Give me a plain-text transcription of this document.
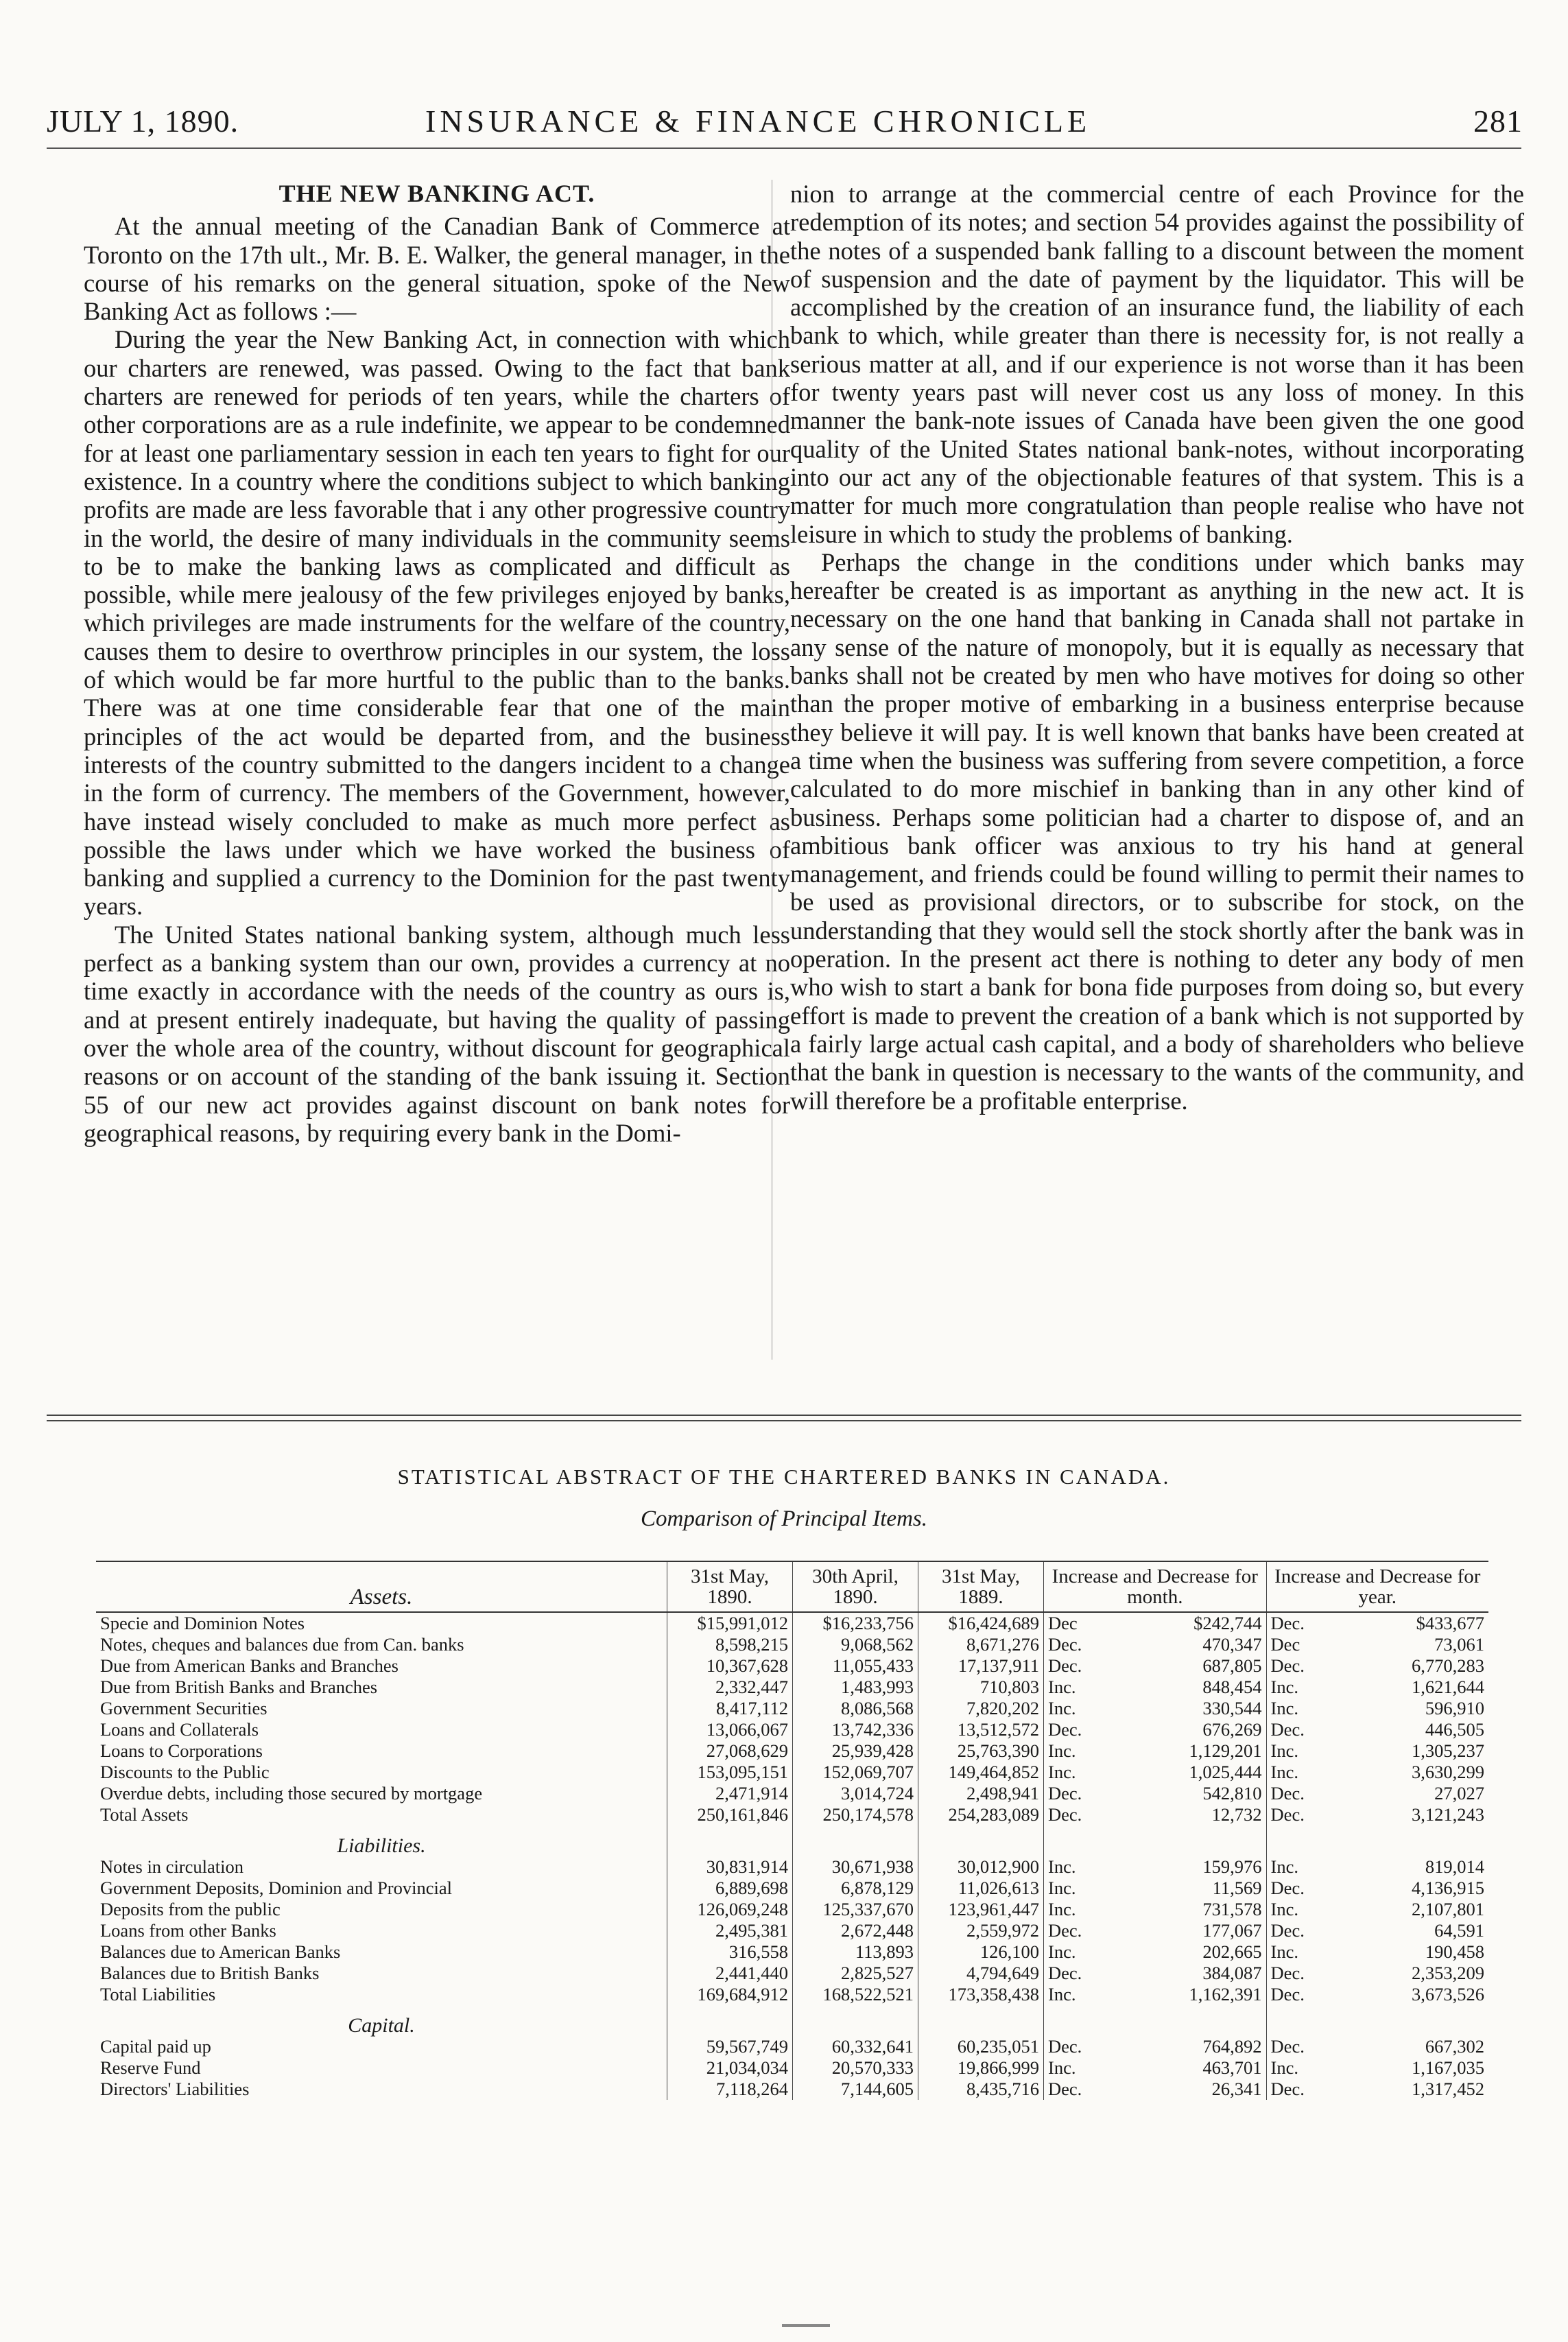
JULY 1, 1890.	INSURANCE & FINANCE CHRONICLE	281
THE NEW BANKING ACT.

At the annual meeting of the Canadian Bank of Commerce at Toronto on the 17th ult., Mr. B. E. Walker, the general manager, in the course of his remarks on the general situation, spoke of the New Banking Act as follows :—

During the year the New Banking Act, in connection with which our charters are renewed, was passed. Owing to the fact that bank charters are renewed for periods of ten years, while the charters of other corporations are as a rule indefinite, we appear to be condemned for at least one parliamentary session in each ten years to fight for our existence. In a country where the conditions subject to which banking profits are made are less favorable that i any other progressive country in the world, the desire of many individuals in the community seems to be to make the banking laws as complicated and difficult as possible, while mere jealousy of the few privileges enjoyed by banks, which privileges are made instruments for the welfare of the country, causes them to desire to overthrow principles in our system, the loss of which would be far more hurtful to the public than to the banks. There was at one time considerable fear that one of the main principles of the act would be departed from, and the business interests of the country submitted to the dangers incident to a change in the form of currency. The members of the Government, however, have instead wisely concluded to make as much more perfect as possible the laws under which we have worked the business of banking and supplied a currency to the Dominion for the past twenty years.

The United States national banking system, although much less perfect as a banking system than our own, provides a currency at no time exactly in accordance with the needs of the country as ours is, and at present entirely inadequate, but having the quality of passing over the whole area of the country, without discount for geographical reasons or on account of the standing of the bank issuing it. Section 55 of our new act provides against discount on bank notes for geographical reasons, by requiring every bank in the Domi-

nion to arrange at the commercial centre of each Province for the redemption of its notes; and section 54 provides against the possibility of the notes of a suspended bank falling to a discount between the moment of suspension and the date of payment by the liquidator. This will be accomplished by the creation of an insurance fund, the liability of each bank to which, while greater than there is necessity for, is not really a serious matter at all, and if our experience is not worse than it has been for twenty years past will never cost us any loss of money. In this manner the bank-note issues of Canada have been given the one good quality of the United States national bank-notes, without incorporating into our act any of the objectionable features of that system. This is a matter for much more congratulation than people realise who have not leisure in which to study the problems of banking.

Perhaps the change in the conditions under which banks may hereafter be created is as important as anything in the new act. It is necessary on the one hand that banking in Canada shall not partake in any sense of the nature of monopoly, but it is equally as necessary that banks shall not be created by men who have motives for doing so other than the proper motive of embarking in a business enterprise because they believe it will pay. It is well known that banks have been created at a time when the business was suffering from severe competition, a force calculated to do more mischief in banking than in any other kind of business. Perhaps some politician had a charter to dispose of, and an ambitious bank officer was anxious to try his hand at general management, and friends could be found willing to permit their names to be used as provisional directors, or to subscribe for stock, on the understanding that they would sell the stock shortly after the bank was in operation. In the present act there is nothing to deter any body of men who wish to start a bank for bona fide purposes from doing so, but every effort is made to prevent the creation of a bank which is not supported by a fairly large actual cash capital, and a body of shareholders who believe that the bank in question is necessary to the wants of the community, and will therefore be a profitable enterprise.

STATISTICAL ABSTRACT OF THE CHARTERED BANKS IN CANADA.
Comparison of Principal Items.
Assets.	31st May, 1890.	30th April, 1890.	31st May, 1889.	Increase and Decrease for month.		Increase and Decrease for year.	
Specie and Dominion Notes	$15,991,012	$16,233,756	$16,424,689	Dec	$242,744	Dec.	$433,677
Notes, cheques and balances due from Can. banks	8,598,215	9,068,562	8,671,276	Dec.	470,347	Dec	73,061
Due from American Banks and Branches	10,367,628	11,055,433	17,137,911	Dec.	687,805	Dec.	6,770,283
Due from British Banks and Branches	2,332,447	1,483,993	710,803	Inc.	848,454	Inc.	1,621,644
Government Securities	8,417,112	8,086,568	7,820,202	Inc.	330,544	Inc.	596,910
Loans and Collaterals	13,066,067	13,742,336	13,512,572	Dec.	676,269	Dec.	446,505
Loans to Corporations	27,068,629	25,939,428	25,763,390	Inc.	1,129,201	Inc.	1,305,237
Discounts to the Public	153,095,151	152,069,707	149,464,852	Inc.	1,025,444	Inc.	3,630,299
Overdue debts, including those secured by mortgage	2,471,914	3,014,724	2,498,941	Dec.	542,810	Dec.	27,027
Total Assets	250,161,846	250,174,578	254,283,089	Dec.	12,732	Dec.	3,121,243
Liabilities.							
Notes in circulation	30,831,914	30,671,938	30,012,900	Inc.	159,976	Inc.	819,014
Government Deposits, Dominion and Provincial	6,889,698	6,878,129	11,026,613	Inc.	11,569	Dec.	4,136,915
Deposits from the public	126,069,248	125,337,670	123,961,447	Inc.	731,578	Inc.	2,107,801
Loans from other Banks	2,495,381	2,672,448	2,559,972	Dec.	177,067	Dec.	64,591
Balances due to American Banks	316,558	113,893	126,100	Inc.	202,665	Inc.	190,458
Balances due to British Banks	2,441,440	2,825,527	4,794,649	Dec.	384,087	Dec.	2,353,209
Total Liabilities	169,684,912	168,522,521	173,358,438	Inc.	1,162,391	Dec.	3,673,526
Capital.							
Capital paid up	59,567,749	60,332,641	60,235,051	Dec.	764,892	Dec.	667,302
Reserve Fund	21,034,034	20,570,333	19,866,999	Inc.	463,701	Inc.	1,167,035
Directors' Liabilities	7,118,264	7,144,605	8,435,716	Dec.	26,341	Dec.	1,317,452
